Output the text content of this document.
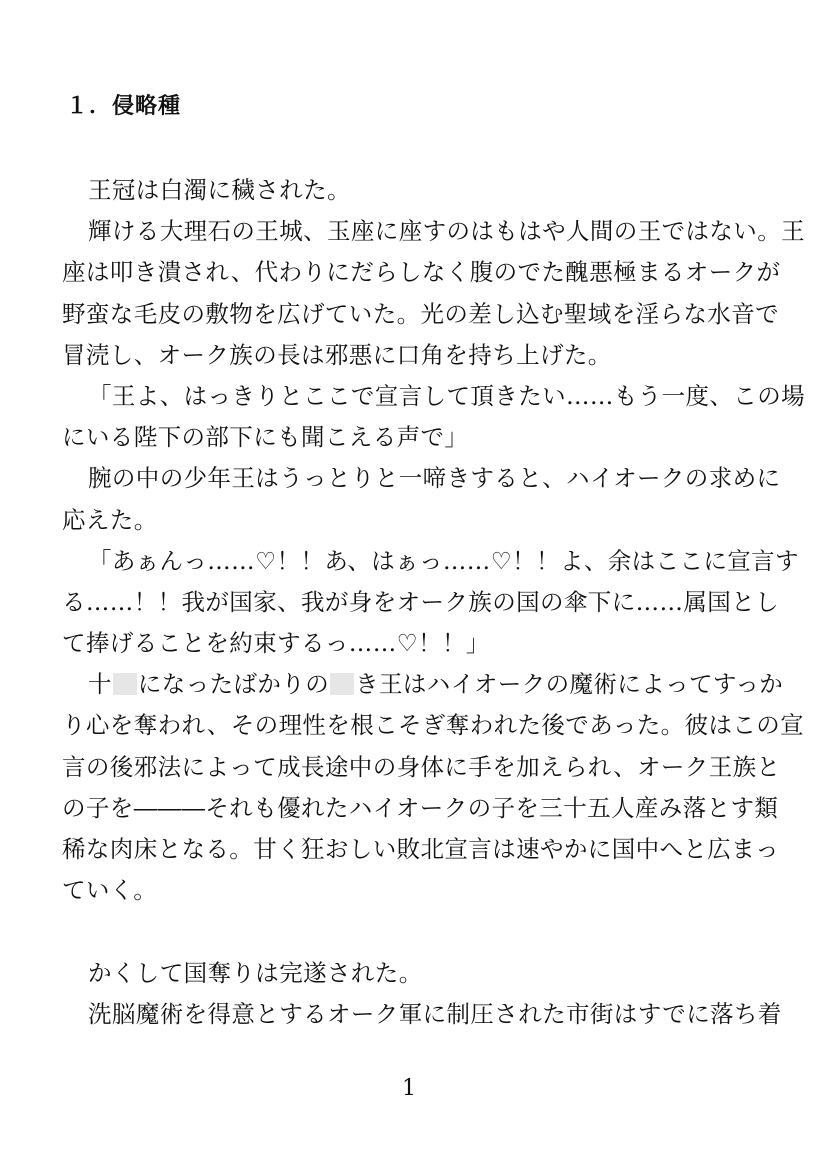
１．侵略種
王冠は白濁に穢された。
輝ける大理石の王城、玉座に座すのはもはや人間の王ではない。王
座は叩き潰され、代わりにだらしなく腹のでた醜悪極まるオークが
野蛮な毛皮の敷物を広げていた。光の差し込む聖域を淫らな水音で
冒涜し、オーク族の長は邪悪に口角を持ち上げた。
「王よ、はっきりとここで宣言して頂きたい……もう一度、この場
にいる陛下の部下にも聞こえる声で」
腕の中の少年王はうっとりと一啼きすると、ハイオークの求めに
応えた。
「あぁんっ……♡！！あ、はぁっ……♡！！よ、余はここに宣言す
る……！！我が国家、我が身をオーク族の国の傘下に……属国とし
て捧げることを約束するっ……♡！！」
十 になったばかりの き王はハイオークの魔術によってすっか
り心を奪われ、その理性を根こそぎ奪われた後であった。彼はこの宣
言の後邪法によって成長途中の身体に手を加えられ、オーク王族と
の子を―――それも優れたハイオークの子を三十五人産み落とす類
稀な肉床となる。甘く狂おしい敗北宣言は速やかに国中へと広まっ
ていく。
かくして国奪りは完遂された。
洗脳魔術を得意とするオーク軍に制圧された市街はすでに落ち着
1
